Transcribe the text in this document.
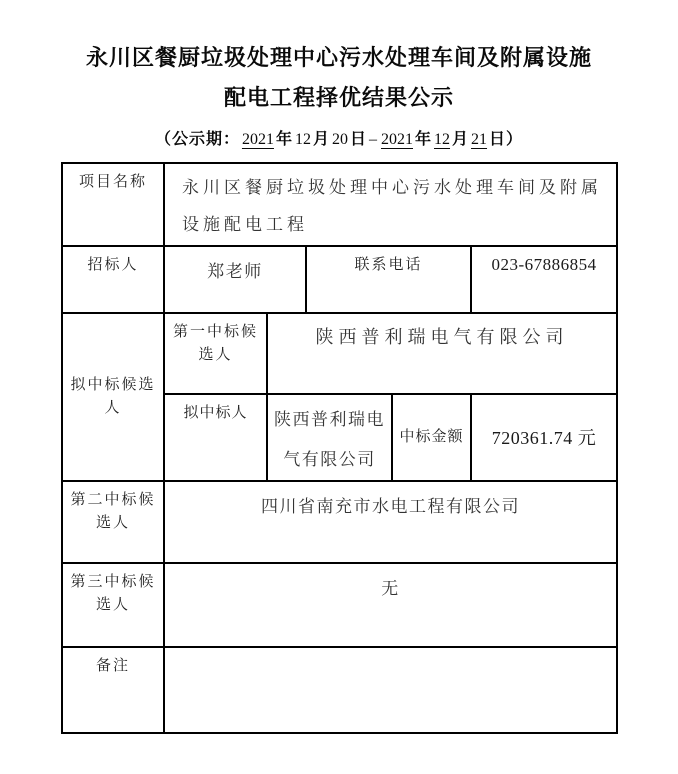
永川区餐厨垃圾处理中心污水处理车间及附属设施
配电工程择优结果公示
（公示期： 2021 年 12 月 20 日 – 2021 年 12 月 21 日）
项目名称	永川区餐厨垃圾处理中心污水处理车间及附属设施配电工程				
招标人	郑老师		联系电话		023-67886854
拟中标候选人	第一中标候选人	陕西普利瑞电气有限公司			
	拟中标人	陕西普利瑞电气有限公司		中标金额	720361.74 元
第二中标候选人	四川省南充市水电工程有限公司				
第三中标候选人	无				
备注					
